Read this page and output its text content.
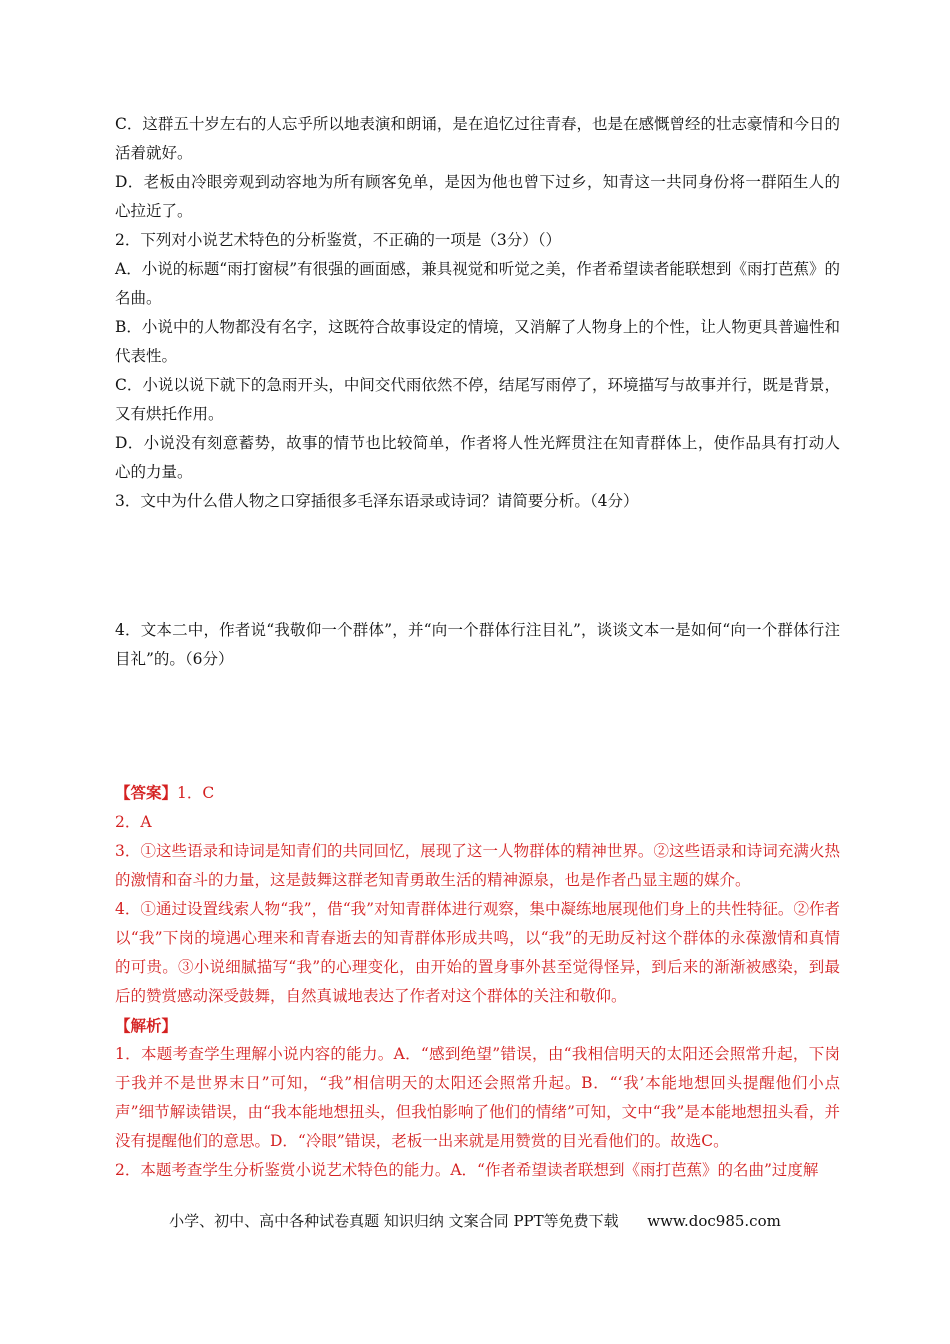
C．这群五十岁左右的人忘乎所以地表演和朗诵，是在追忆过往青春，也是在感慨曾经的壮志豪情和今日的活着就好。

D．老板由冷眼旁观到动容地为所有顾客免单，是因为他也曾下过乡，知青这一共同身份将一群陌生人的心拉近了。

2．下列对小说艺术特色的分析鉴赏，不正确的一项是（3分）（）

A．小说的标题“雨打窗棂”有很强的画面感，兼具视觉和听觉之美，作者希望读者能联想到《雨打芭蕉》的名曲。

B．小说中的人物都没有名字，这既符合故事设定的情境，又消解了人物身上的个性，让人物更具普遍性和代表性。

C．小说以说下就下的急雨开头，中间交代雨依然不停，结尾写雨停了，环境描写与故事并行，既是背景，又有烘托作用。

D．小说没有刻意蓄势，故事的情节也比较简单，作者将人性光辉贯注在知青群体上，使作品具有打动人心的力量。

3．文中为什么借人物之口穿插很多毛泽东语录或诗词？请简要分析。（4分）

4．文本二中，作者说“我敬仰一个群体”，并“向一个群体行注目礼”，谈谈文本一是如何“向一个群体行注目礼”的。（6分）

【答案】1．C

2．A

3．①这些语录和诗词是知青们的共同回忆，展现了这一人物群体的精神世界。②这些语录和诗词充满火热的激情和奋斗的力量，这是鼓舞这群老知青勇敢生活的精神源泉，也是作者凸显主题的媒介。

4．①通过设置线索人物“我”，借“我”对知青群体进行观察，集中凝练地展现他们身上的共性特征。②作者以“我”下岗的境遇心理来和青春逝去的知青群体形成共鸣，以“我”的无助反衬这个群体的永葆激情和真情的可贵。③小说细腻描写“我”的心理变化，由开始的置身事外甚至觉得怪异，到后来的渐渐被感染，到最后的赞赏感动深受鼓舞，自然真诚地表达了作者对这个群体的关注和敬仰。

【解析】

1．本题考查学生理解小说内容的能力。A．“感到绝望”错误，由“我相信明天的太阳还会照常升起，下岗于我并不是世界末日”可知，“我”相信明天的太阳还会照常升起。B．“‘我’本能地想回头提醒他们小点声”细节解读错误，由“我本能地想扭头，但我怕影响了他们的情绪”可知，文中“我”是本能地想扭头看，并没有提醒他们的意思。D．“冷眼”错误，老板一出来就是用赞赏的目光看他们的。故选C。

2．本题考查学生分析鉴赏小说艺术特色的能力。A．“作者希望读者联想到《雨打芭蕉》的名曲”过度解

小学、初中、高中各种试卷真题 知识归纳 文案合同 PPT等免费下载      www.doc985.com
